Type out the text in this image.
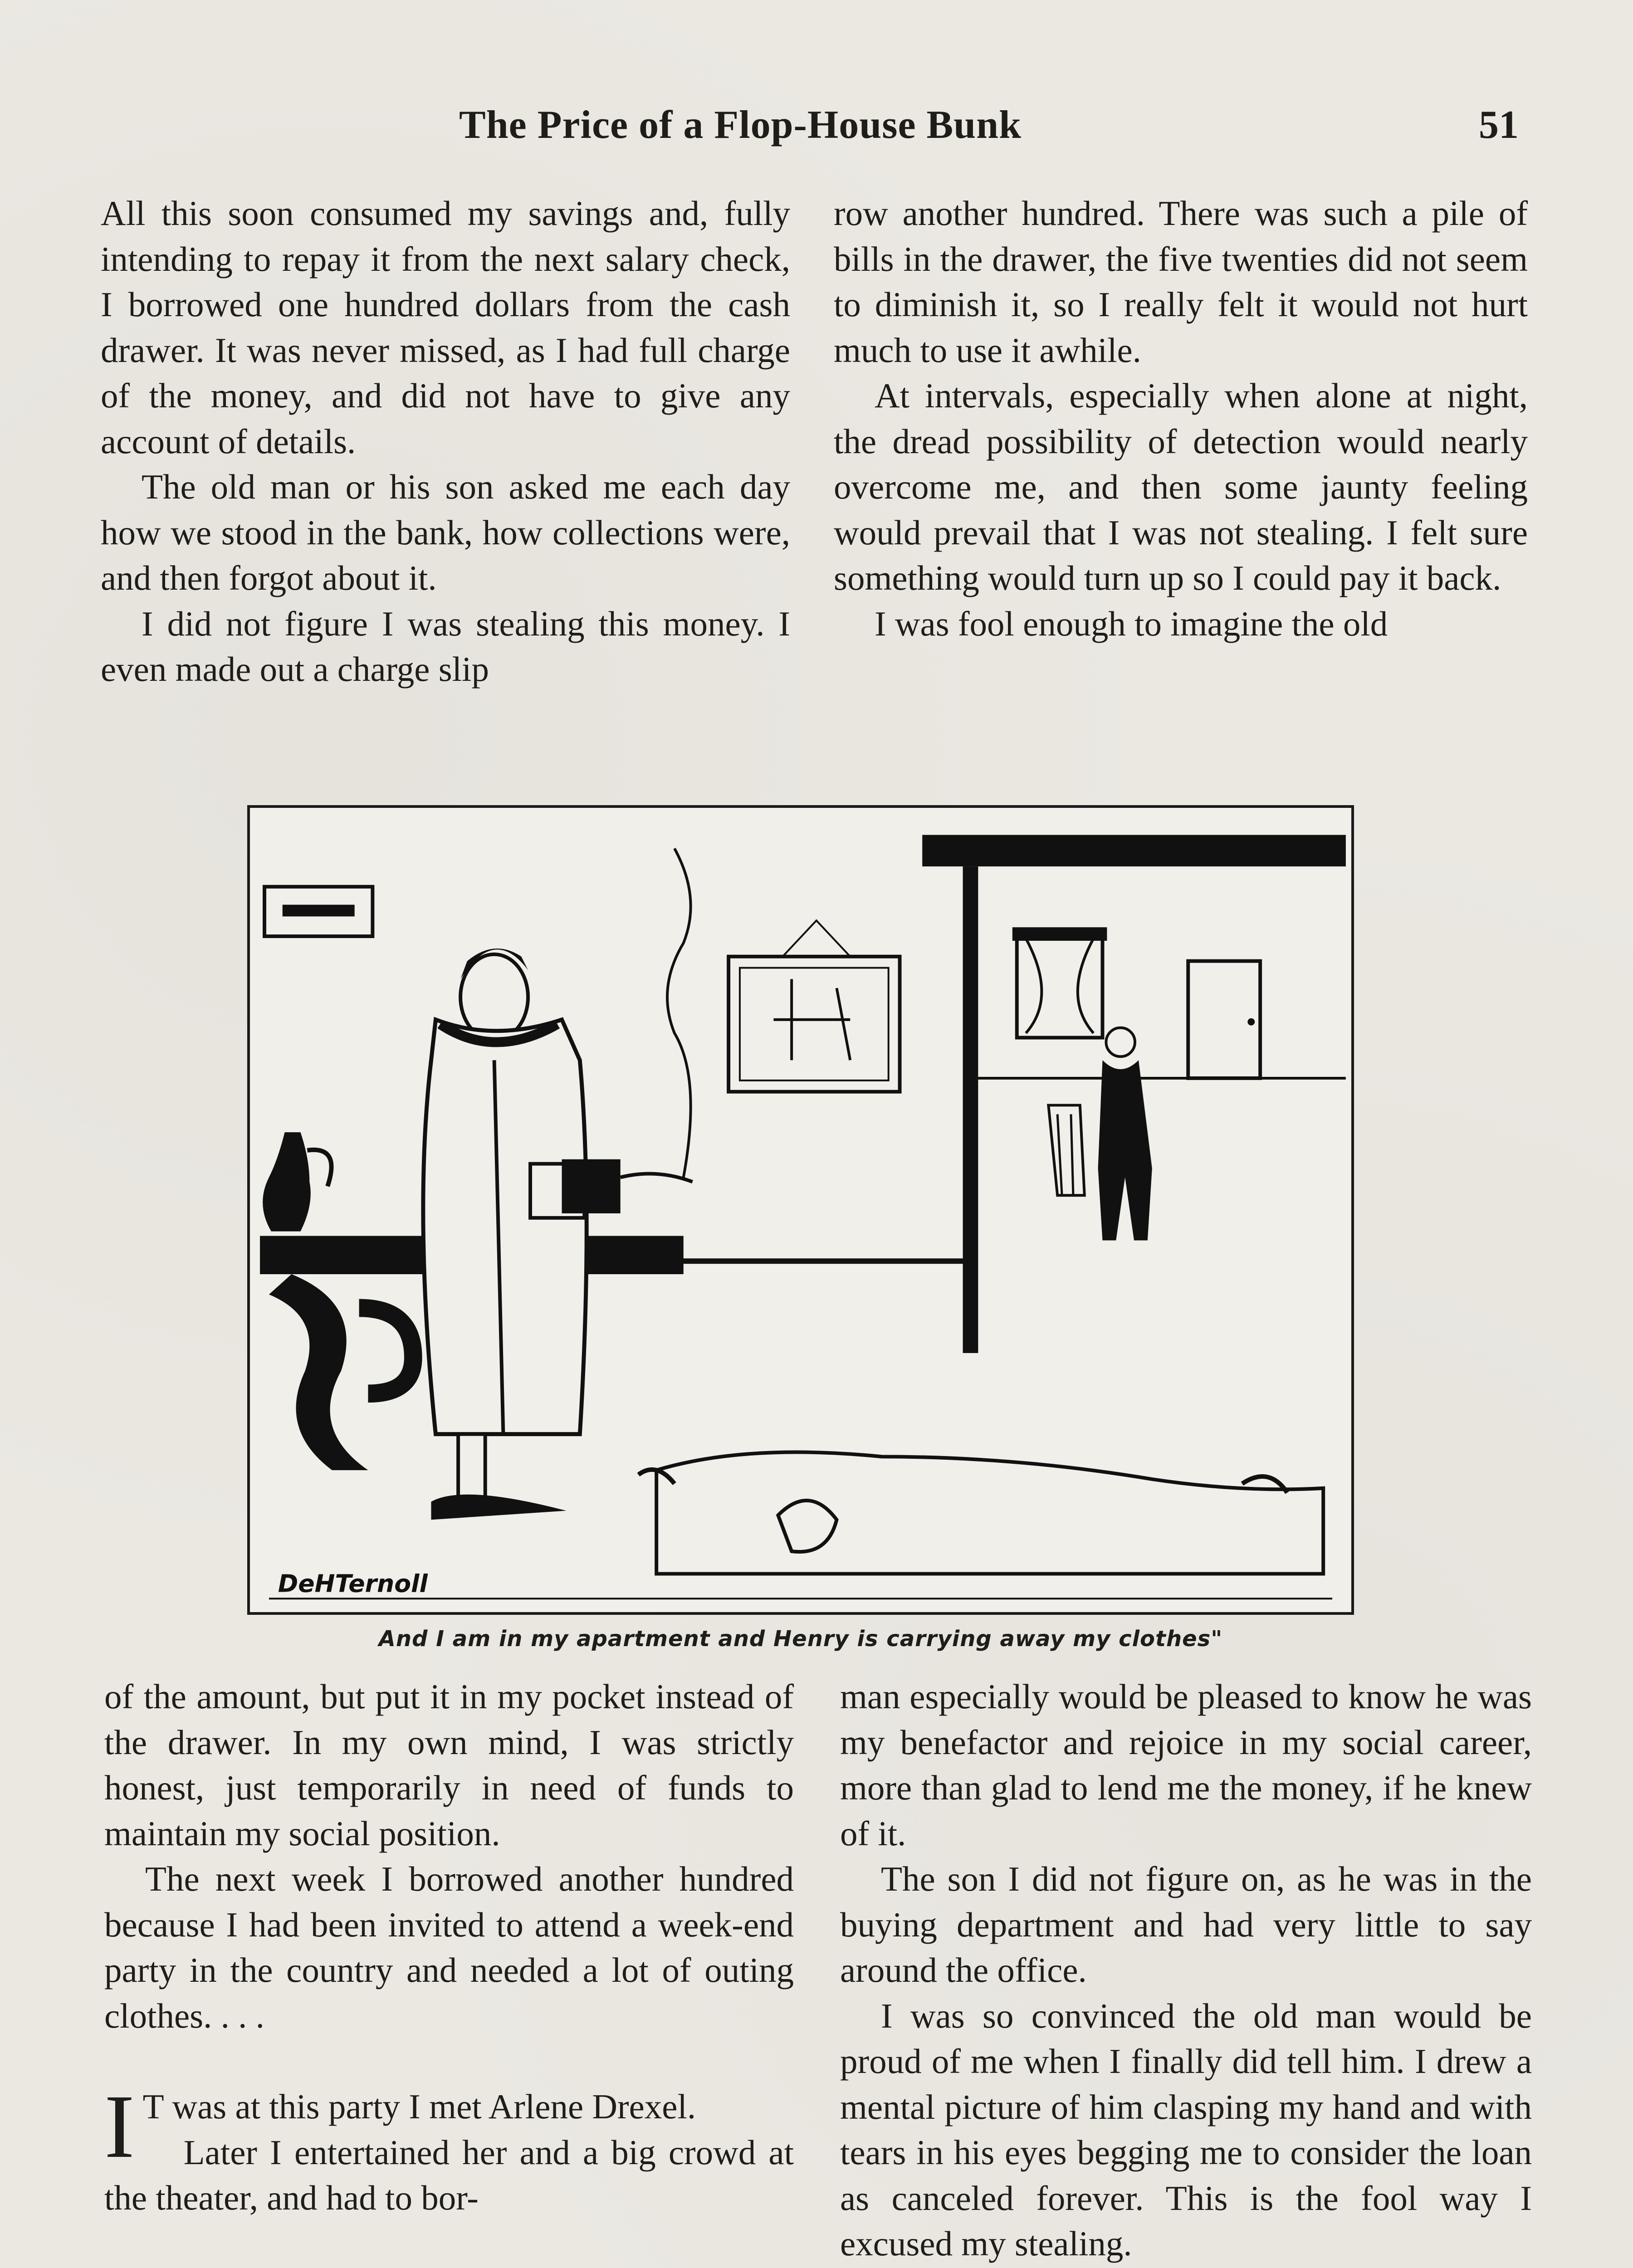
The Price of a Flop-House Bunk	51

All this soon consumed my savings and, fully intending to repay it from the next salary check, I borrowed one hundred dollars from the cash drawer. It was never missed, as I had full charge of the money, and did not have to give any account of details.

The old man or his son asked me each day how we stood in the bank, how collections were, and then forgot about it.

I did not figure I was stealing this money. I even made out a charge slip

row another hundred. There was such a pile of bills in the drawer, the five twenties did not seem to diminish it, so I really felt it would not hurt much to use it awhile.

At intervals, especially when alone at night, the dread possibility of detection would nearly overcome me, and then some jaunty feeling would prevail that I was not stealing. I felt sure something would turn up so I could pay it back.

I was fool enough to imagine the old

DeHTernoll
And I am in my apartment and Henry is carrying away my clothes"

of the amount, but put it in my pocket instead of the drawer. In my own mind, I was strictly honest, just temporarily in need of funds to maintain my social position.

The next week I borrowed another hundred because I had been invited to attend a week-end party in the country and needed a lot of outing clothes. . . .

I T was at this party I met Arlene Drexel.

Later I entertained her and a big crowd at the theater, and had to bor-

man especially would be pleased to know he was my benefactor and rejoice in my social career, more than glad to lend me the money, if he knew of it.

The son I did not figure on, as he was in the buying department and had very little to say around the office.

I was so convinced the old man would be proud of me when I finally did tell him. I drew a mental picture of him clasping my hand and with tears in his eyes begging me to consider the loan as canceled forever. This is the fool way I excused my stealing.
